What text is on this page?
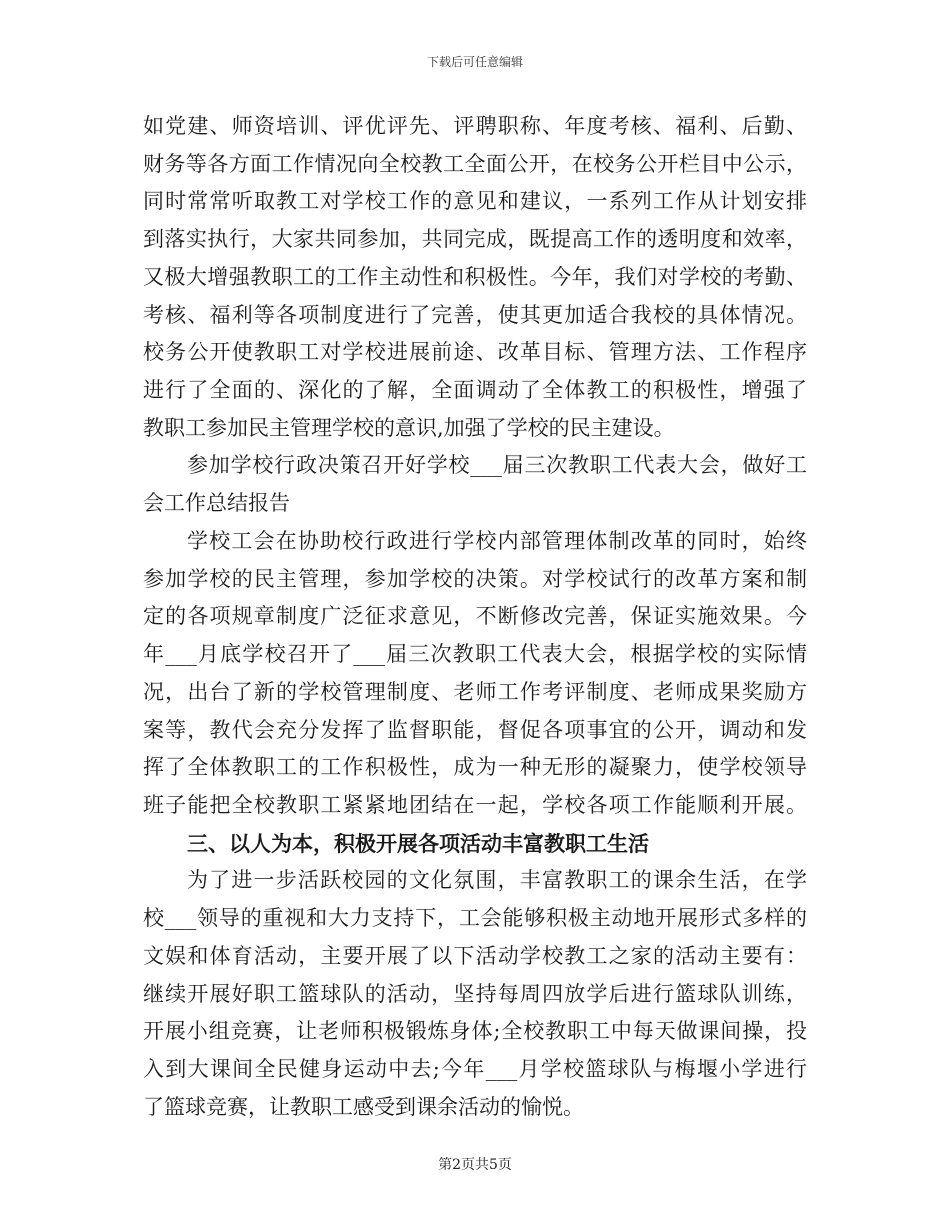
下载后可任意编辑
如党建、师资培训、评优评先、评聘职称、年度考核、福利、后勤、
财务等各方面工作情况向全校教工全面公开，在校务公开栏目中公示，
同时常常听取教工对学校工作的意见和建议，一系列工作从计划安排
到落实执行，大家共同参加，共同完成，既提高工作的透明度和效率，
又极大增强教职工的工作主动性和积极性。今年，我们对学校的考勤、
考核、福利等各项制度进行了完善，使其更加适合我校的具体情况。
校务公开使教职工对学校进展前途、改革目标、管理方法、工作程序
进行了全面的、深化的了解，全面调动了全体教工的积极性，增强了
教职工参加民主管理学校的意识,加强了学校的民主建设。
参加学校行政决策召开好学校___届三次教职工代表大会，做好工
会工作总结报告
学校工会在协助校行政进行学校内部管理体制改革的同时，始终
参加学校的民主管理，参加学校的决策。对学校试行的改革方案和制
定的各项规章制度广泛征求意见，不断修改完善，保证实施效果。今
年___月底学校召开了___届三次教职工代表大会，根据学校的实际情
况，出台了新的学校管理制度、老师工作考评制度、老师成果奖励方
案等，教代会充分发挥了监督职能，督促各项事宜的公开，调动和发
挥了全体教职工的工作积极性，成为一种无形的凝聚力，使学校领导
班子能把全校教职工紧紧地团结在一起，学校各项工作能顺利开展。
三、以人为本，积极开展各项活动丰富教职工生活
为了进一步活跃校园的文化氛围，丰富教职工的课余生活，在学
校___领导的重视和大力支持下，工会能够积极主动地开展形式多样的
文娱和体育活动，主要开展了以下活动学校教工之家的活动主要有：
继续开展好职工篮球队的活动，坚持每周四放学后进行篮球队训练，
开展小组竞赛，让老师积极锻炼身体;全校教职工中每天做课间操，投
入到大课间全民健身运动中去;今年___月学校篮球队与梅堰小学进行
了篮球竞赛，让教职工感受到课余活动的愉悦。
第2页共5页
